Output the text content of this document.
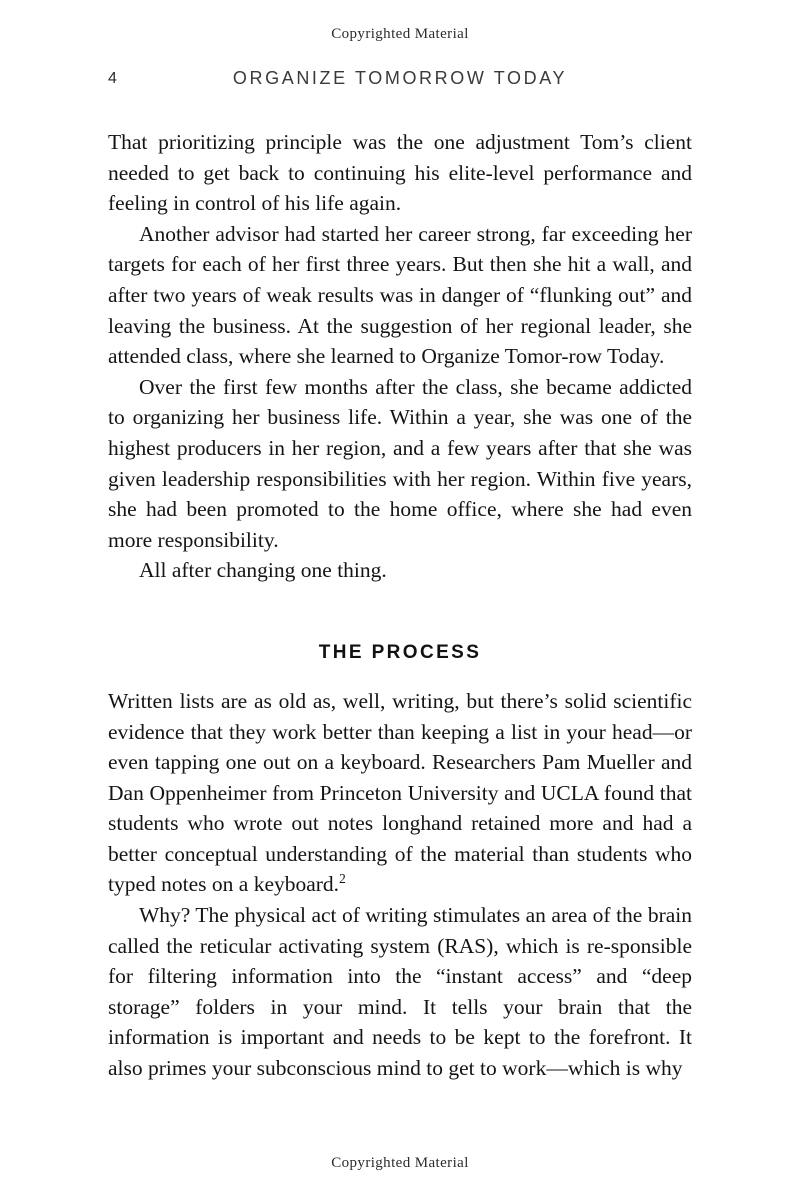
Copyrighted Material
4	ORGANIZE TOMORROW TODAY

That prioritizing principle was the one adjustment Tom’s client needed to get back to continuing his elite-level performance and feeling in control of his life again.

Another advisor had started her career strong, far exceeding her targets for each of her first three years. But then she hit a wall, and after two years of weak results was in danger of “flunking out” and leaving the business. At the suggestion of her regional leader, she attended class, where she learned to Organize Tomor-row Today.

Over the first few months after the class, she became addicted to organizing her business life. Within a year, she was one of the highest producers in her region, and a few years after that she was given leadership responsibilities with her region. Within five years, she had been promoted to the home office, where she had even more responsibility.

All after changing one thing.

THE PROCESS

Written lists are as old as, well, writing, but there’s solid scientific evidence that they work better than keeping a list in your head—or even tapping one out on a keyboard. Researchers Pam Mueller and Dan Oppenheimer from Princeton University and UCLA found that students who wrote out notes longhand retained more and had a better conceptual understanding of the material than students who typed notes on a keyboard.$^2$

Why? The physical act of writing stimulates an area of the brain called the reticular activating system (RAS), which is re-sponsible for filtering information into the “instant access” and “deep storage” folders in your mind. It tells your brain that the information is important and needs to be kept to the forefront. It also primes your subconscious mind to get to work—which is why

Copyrighted Material
